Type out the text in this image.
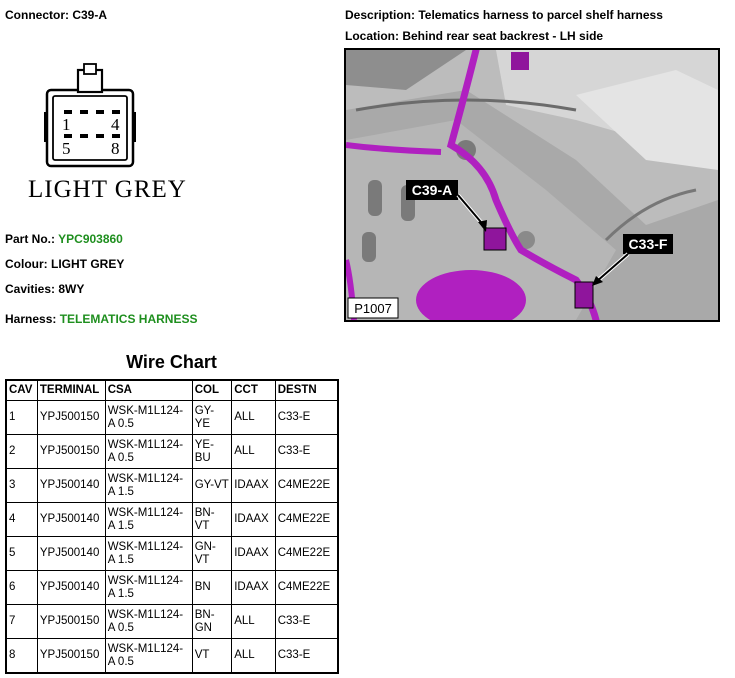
Connector: C39-A	Description: Telematics harness to parcel shelf harness
Location: Behind rear seat backrest - LH side
1 4
5 8
LIGHT GREY
Part No.: YPC903860
Colour: LIGHT GREY
Cavities: 8WY
Harness: TELEMATICS HARNESS
C39-A
C33-F
P1007
Wire Chart
CAV	TERMINAL	CSA	COL	CCT	DESTN
1	YPJ500150	WSK-M1L124-A 0.5	GY-YE	ALL	C33-E
2	YPJ500150	WSK-M1L124-A 0.5	YE-BU	ALL	C33-E
3	YPJ500140	WSK-M1L124-A 1.5	GY-VT	IDAAX	C4ME22E
4	YPJ500140	WSK-M1L124-A 1.5	BN-VT	IDAAX	C4ME22E
5	YPJ500140	WSK-M1L124-A 1.5	GN-VT	IDAAX	C4ME22E
6	YPJ500140	WSK-M1L124-A 1.5	BN	IDAAX	C4ME22E
7	YPJ500150	WSK-M1L124-A 0.5	BN-GN	ALL	C33-E
8	YPJ500150	WSK-M1L124-A 0.5	VT	ALL	C33-E
